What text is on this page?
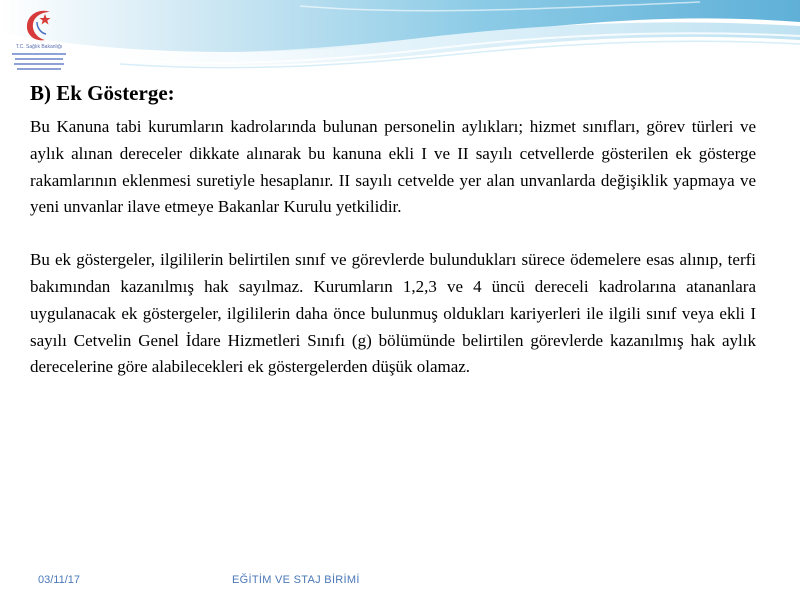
T.C. Sağlık Bakanlığı
B) Ek Gösterge:

Bu Kanuna tabi kurumların kadrolarında bulunan personelin aylıkları; hizmet sınıfları, görev türleri ve aylık alınan dereceler dikkate alınarak bu kanuna ekli I ve II sayılı cetvellerde gösterilen ek gösterge rakamlarının eklenmesi suretiyle hesaplanır. II sayılı cetvelde yer alan unvanlarda değişiklik yapmaya ve yeni unvanlar ilave etmeye Bakanlar Kurulu yetkilidir.

Bu ek göstergeler, ilgililerin belirtilen sınıf ve görevlerde bulundukları sürece ödemelere esas alınıp, terfi bakımından kazanılmış hak sayılmaz. Kurumların 1,2,3 ve 4 üncü dereceli kadrolarına atananlara uygulanacak ek göstergeler, ilgililerin daha önce bulunmuş oldukları kariyerleri ile ilgili sınıf veya ekli I sayılı Cetvelin Genel İdare Hizmetleri Sınıfı (g) bölümünde belirtilen görevlerde kazanılmış hak aylık derecelerine göre alabilecekleri ek göstergelerden düşük olamaz.

03/11/17	EĞİTİM VE STAJ BİRİMİ
